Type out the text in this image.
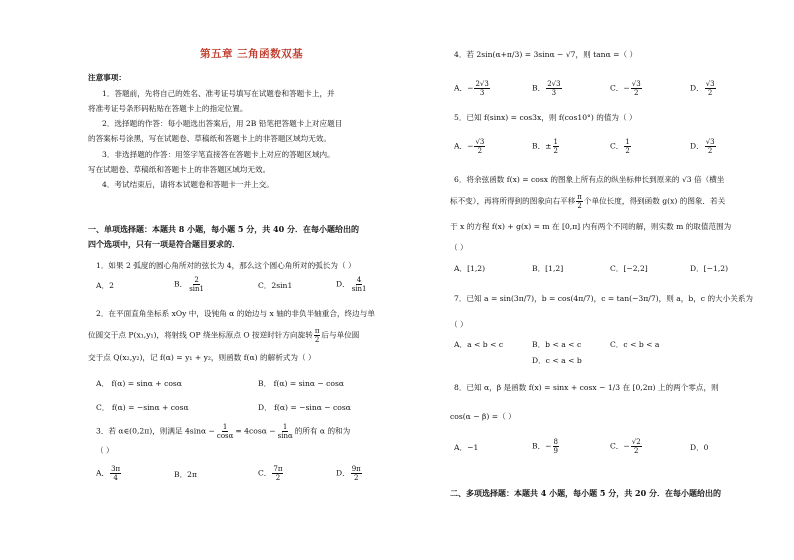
第五章 三角函数双基
注意事项：
1．答题前，先将自己的姓名、准考证号填写在试题卷和答题卡上，并
将准考证号条形码粘贴在答题卡上的指定位置。
2．选择题的作答：每小题选出答案后，用 2B 铅笔把答题卡上对应题目
的答案标号涂黑，写在试题卷、草稿纸和答题卡上的非答题区域均无效。
3．非选择题的作答：用签字笔直接答在答题卡上对应的答题区域内。
写在试题卷、草稿纸和答题卡上的非答题区域均无效。
4．考试结束后，请将本试题卷和答题卡一并上交。
一、单项选择题：本题共 8 小题，每小题 5 分，共 40 分．在每小题给出的
四个选项中，只有一项是符合题目要求的．
1．如果 2 弧度的圆心角所对的弦长为 4，那么这个圆心角所对的弧长为（ ）
A．2	B． $\frac{2}{\sin 1}$	C．2sin1	D． $\frac{4}{\sin 1}$
2．在平面直角坐标系 xOy 中，设钝角 α 的始边与 x 轴的非负半轴重合，终边与单
位圆交于点 P(x₁,y₁)，将射线 OP 绕坐标原点 O 按逆时针方向旋转 $\frac{\pi}{2}$ 后与单位圆
交于点 Q(x₂,y₂)，记 f(α) = y₁ + y₂，则函数 f(α) 的解析式为（ ）
A． f(α) = sinα + cosα	B． f(α) = sinα − cosα
C． f(α) = −sinα + cosα	D． f(α) = −sinα − cosα
3．若 α∈(0,2π)，则满足 $4\sin\alpha - \frac{1}{\cos\alpha} = 4\cos\alpha - \frac{1}{\sin\alpha}$ 的所有 α 的和为
（ ）
A． $\frac{3\pi}{4}$	B．2π	C． $\frac{7\pi}{2}$	D． $\frac{9\pi}{2}$
4．若 2sin(α+π/3) = 3sinα − √7，则 tanα =（ ）
A．− $\frac{2√3}{3}$	B． $\frac{2√3}{3}$	C．− $\frac{√3}{2}$	D． $\frac{√3}{2}$
5．已知 f(sinx) = cos3x，则 f(cos10°) 的值为（ ）
A．− $\frac{√3}{2}$	B．± $\frac{1}{2}$	C． $\frac{1}{2}$	D． $\frac{√3}{2}$
6．将余弦函数 f(x) = cosx 的图象上所有点的纵坐标伸长到原来的 √3 倍（横坐
标不变），再将所得到的图象向右平移 $\frac{\pi}{2}$ 个单位长度，得到函数 g(x) 的图象．若关
于 x 的方程 f(x) + g(x) = m 在 [0,π] 内有两个不同的解，则实数 m 的取值范围为
（ ）
A．[1,2)	B．[1,2]	C．[−2,2]	D．[−1,2)
7．已知 a = sin(3π/7)，b = cos(4π/7)，c = tan(−3π/7)，则 a，b，c 的大小关系为
（ ）
A．a < b < c	B．b < a < c	C．c < b < a
D．c < a < b
8．已知 α，β 是函数 f(x) = sinx + cosx − 1/3 在 [0,2π) 上的两个零点，则
cos(α − β) =（ ）
A．−1	B．− $\frac{8}{9}$	C．− $\frac{√2}{2}$	D．0
二、多项选择题：本题共 4 小题，每小题 5 分，共 20 分．在每小题给出的
